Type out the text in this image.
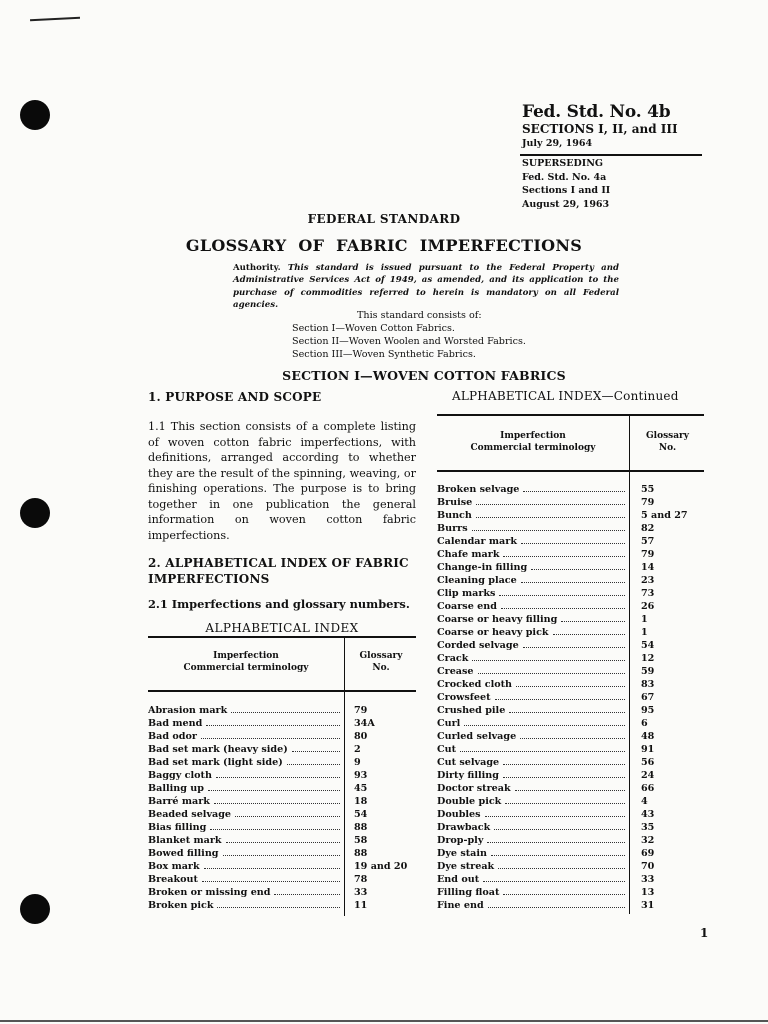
Fed. Std. No. 4b
SECTIONS I, II, and III
July 29, 1964
SUPERSEDING
Fed. Std. No. 4a
Sections I and II
August 29, 1963
FEDERAL STANDARD
GLOSSARY OF FABRIC IMPERFECTIONS
Authority. This standard is issued pursuant to the Federal Property and Administrative Services Act of 1949, as amended, and its application to the purchase of commodities referred to herein is mandatory on all Federal agencies.
This standard consists of:
Section I—Woven Cotton Fabrics.
Section II—Woven Woolen and Worsted Fabrics.
Section III—Woven Synthetic Fabrics.
SECTION I—WOVEN COTTON FABRICS
1. PURPOSE AND SCOPE
1.1 This section consists of a complete listing of woven cotton fabric imperfections, with definitions, arranged according to whether they are the result of the spinning, weaving, or finishing operations. The purpose is to bring together in one publication the general information on woven cotton fabric imperfections.
2. ALPHABETICAL INDEX OF FABRIC IMPERFECTIONS
2.1 Imperfections and glossary numbers.
ALPHABETICAL INDEX
Imperfection
Commercial terminology
Glossary
No.
Abrasion mark	79
Bad mend	34A
Bad odor	80
Bad set mark (heavy side)	2
Bad set mark (light side)	9
Baggy cloth	93
Balling up	45
Barré mark	18
Beaded selvage	54
Bias filling	88
Blanket mark	58
Bowed filling	88
Box mark	19 and 20
Breakout	78
Broken or missing end	33
Broken pick	11
ALPHABETICAL INDEX—Continued
Imperfection
Commercial terminology
Glossary
No.
Broken selvage	55
Bruise	79
Bunch	5 and 27
Burrs	82
Calendar mark	57
Chafe mark	79
Change-in filling	14
Cleaning place	23
Clip marks	73
Coarse end	26
Coarse or heavy filling	1
Coarse or heavy pick	1
Corded selvage	54
Crack	12
Crease	59
Crocked cloth	83
Crowsfeet	67
Crushed pile	95
Curl	6
Curled selvage	48
Cut	91
Cut selvage	56
Dirty filling	24
Doctor streak	66
Double pick	4
Doubles	43
Drawback	35
Drop-ply	32
Dye stain	69
Dye streak	70
End out	33
Filling float	13
Fine end	31
1
